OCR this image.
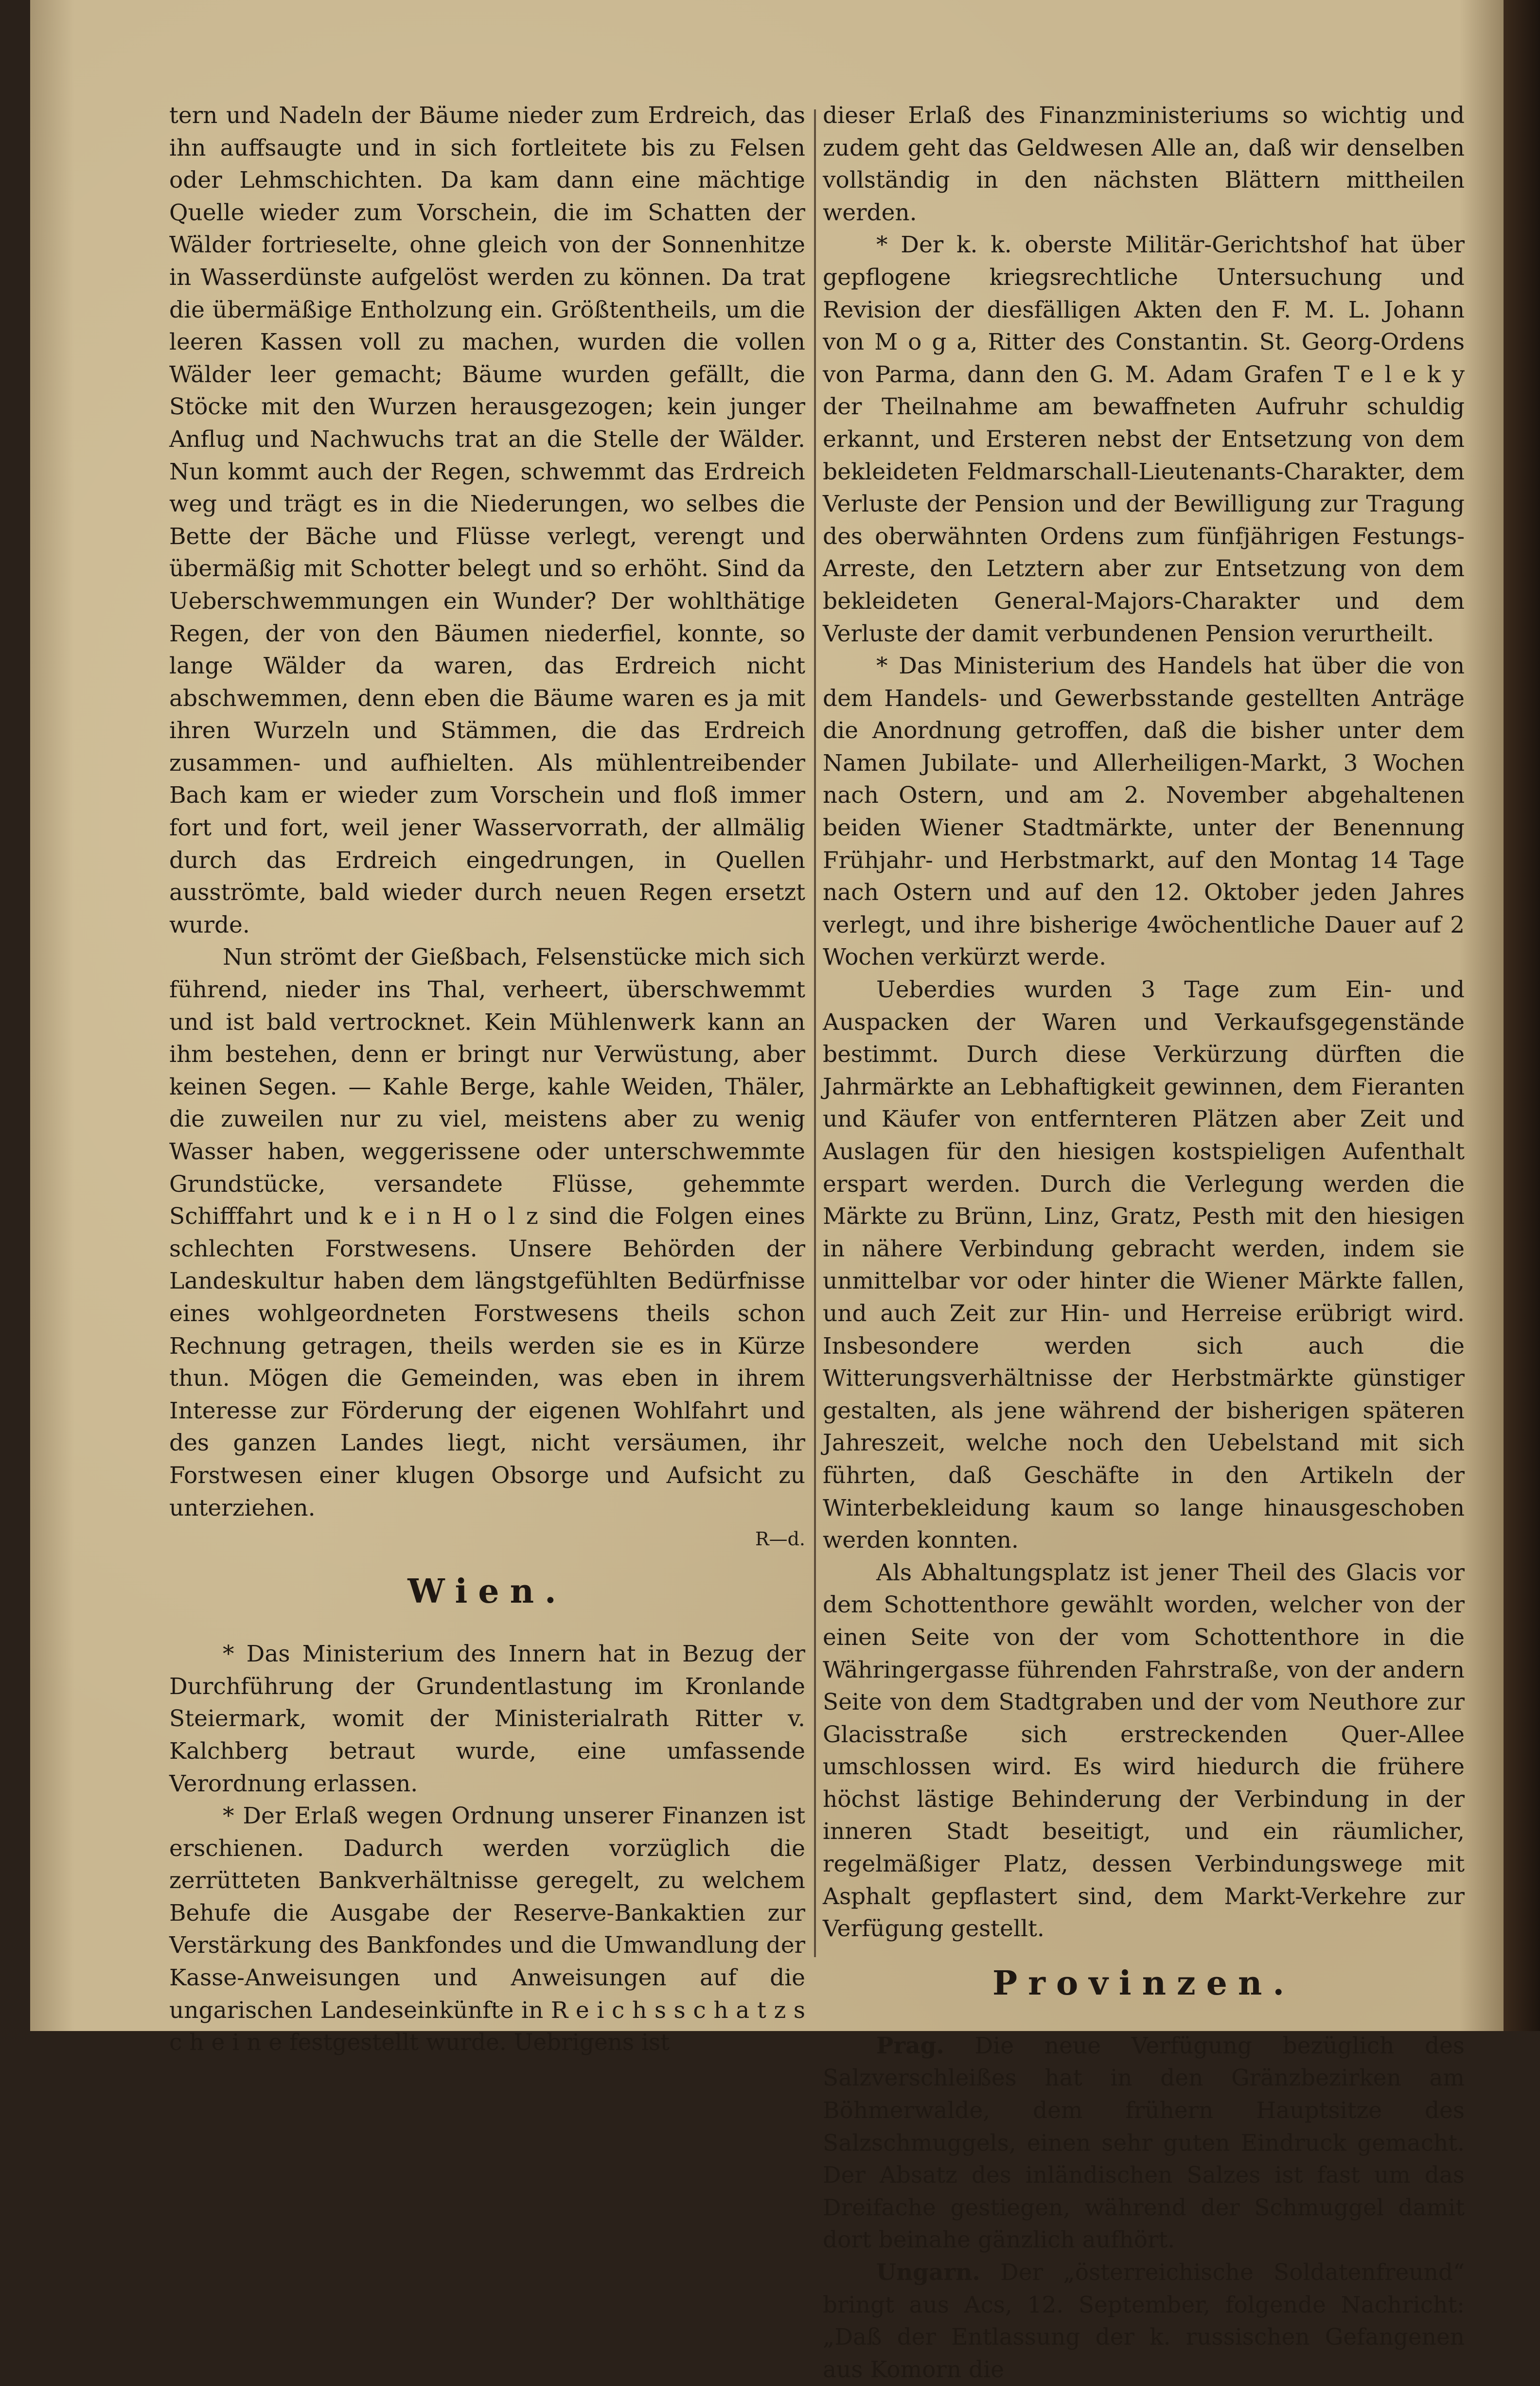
tern und Nadeln der Bäume nieder zum Erdreich, das ihn auffsaugte und in sich fortleitete bis zu Felsen oder Lehmschichten. Da kam dann eine mächtige Quelle wieder zum Vorschein, die im Schatten der Wälder fortrieselte, ohne gleich von der Sonnenhitze in Wasserdünste aufgelöst werden zu können. Da trat die übermäßige Entholzung ein. Größtentheils, um die leeren Kassen voll zu machen, wurden die vollen Wälder leer gemacht; Bäume wurden gefällt, die Stöcke mit den Wurzen herausgezogen; kein junger Anflug und Nachwuchs trat an die Stelle der Wälder. Nun kommt auch der Regen, schwemmt das Erdreich weg und trägt es in die Niederungen, wo selbes die Bette der Bäche und Flüsse verlegt, verengt und übermäßig mit Schotter belegt und so erhöht. Sind da Ueberschwemmungen ein Wunder? Der wohlthätige Regen, der von den Bäumen niederfiel, konnte, so lange Wälder da waren, das Erdreich nicht abschwemmen, denn eben die Bäume waren es ja mit ihren Wurzeln und Stämmen, die das Erdreich zusammen- und aufhielten. Als mühlentreibender Bach kam er wieder zum Vorschein und floß immer fort und fort, weil jener Wasservorrath, der allmälig durch das Erdreich eingedrungen, in Quellen ausströmte, bald wieder durch neuen Regen ersetzt wurde.

Nun strömt der Gießbach, Felsenstücke mich sich führend, nieder ins Thal, verheert, überschwemmt und ist bald vertrocknet. Kein Mühlenwerk kann an ihm bestehen, denn er bringt nur Verwüstung, aber keinen Segen. — Kahle Berge, kahle Weiden, Thäler, die zuweilen nur zu viel, meistens aber zu wenig Wasser haben, weggerissene oder unterschwemmte Grundstücke, versandete Flüsse, gehemmte Schifffahrt und k e i n H o l z sind die Folgen eines schlechten Forstwesens. Unsere Behörden der Landeskultur haben dem längstgefühlten Bedürfnisse eines wohlgeordneten Forstwesens theils schon Rechnung getragen, theils werden sie es in Kürze thun. Mögen die Gemeinden, was eben in ihrem Interesse zur Förderung der eigenen Wohlfahrt und des ganzen Landes liegt, nicht versäumen, ihr Forstwesen einer klugen Obsorge und Aufsicht zu unterziehen.

R—d.

Wien.

* Das Ministerium des Innern hat in Bezug der Durchführung der Grundentlastung im Kronlande Steiermark, womit der Ministerialrath Ritter v. Kalchberg betraut wurde, eine umfassende Verordnung erlassen.

* Der Erlaß wegen Ordnung unserer Finanzen ist erschienen. Dadurch werden vorzüglich die zerrütteten Bankverhältnisse geregelt, zu welchem Behufe die Ausgabe der Reserve-Bankaktien zur Verstärkung des Bankfondes und die Umwandlung der Kasse-Anweisungen und Anweisungen auf die ungarischen Landeseinkünfte in R e i c h s s c h a t z s c h e i n e festgestellt wurde. Uebrigens ist

dieser Erlaß des Finanzministeriums so wichtig und zudem geht das Geldwesen Alle an, daß wir denselben vollständig in den nächsten Blättern mittheilen werden.

* Der k. k. oberste Militär-Gerichtshof hat über gepflogene kriegsrechtliche Untersuchung und Revision der diesfälligen Akten den F. M. L. Johann von M o g a, Ritter des Constantin. St. Georg-Ordens von Parma, dann den G. M. Adam Grafen T e l e k y der Theilnahme am bewaffneten Aufruhr schuldig erkannt, und Ersteren nebst der Entsetzung von dem bekleideten Feldmarschall-Lieutenants-Charakter, dem Verluste der Pension und der Bewilligung zur Tragung des oberwähnten Ordens zum fünfjährigen Festungs-Arreste, den Letztern aber zur Entsetzung von dem bekleideten General-Majors-Charakter und dem Verluste der damit verbundenen Pension verurtheilt.

* Das Ministerium des Handels hat über die von dem Handels- und Gewerbsstande gestellten Anträge die Anordnung getroffen, daß die bisher unter dem Namen Jubilate- und Allerheiligen-Markt, 3 Wochen nach Ostern, und am 2. November abgehaltenen beiden Wiener Stadtmärkte, unter der Benennung Frühjahr- und Herbstmarkt, auf den Montag 14 Tage nach Ostern und auf den 12. Oktober jeden Jahres verlegt, und ihre bisherige 4wöchentliche Dauer auf 2 Wochen verkürzt werde.

Ueberdies wurden 3 Tage zum Ein- und Auspacken der Waren und Verkaufsgegenstände bestimmt. Durch diese Verkürzung dürften die Jahrmärkte an Lebhaftigkeit gewinnen, dem Fieranten und Käufer von entfernteren Plätzen aber Zeit und Auslagen für den hiesigen kostspieligen Aufenthalt erspart werden. Durch die Verlegung werden die Märkte zu Brünn, Linz, Gratz, Pesth mit den hiesigen in nähere Verbindung gebracht werden, indem sie unmittelbar vor oder hinter die Wiener Märkte fallen, und auch Zeit zur Hin- und Herreise erübrigt wird. Insbesondere werden sich auch die Witterungsverhältnisse der Herbstmärkte günstiger gestalten, als jene während der bisherigen späteren Jahreszeit, welche noch den Uebelstand mit sich führten, daß Geschäfte in den Artikeln der Winterbekleidung kaum so lange hinausgeschoben werden konnten.

Als Abhaltungsplatz ist jener Theil des Glacis vor dem Schottenthore gewählt worden, welcher von der einen Seite von der vom Schottenthore in die Währingergasse führenden Fahrstraße, von der andern Seite von dem Stadtgraben und der vom Neuthore zur Glacisstraße sich erstreckenden Quer-Allee umschlossen wird. Es wird hiedurch die frühere höchst lästige Behinderung der Verbindung in der inneren Stadt beseitigt, und ein räumlicher, regelmäßiger Platz, dessen Verbindungswege mit Asphalt gepflastert sind, dem Markt-Verkehre zur Verfügung gestellt.

Provinzen.

Prag. Die neue Verfügung bezüglich des Salzverschleißes hat in den Gränzbezirken am Böhmerwalde, dem frühern Hauptsitze des Salzschmuggels, einen sehr guten Eindruck gemacht. Der Absatz des inländischen Salzes ist fast um das Dreifache gestiegen, während der Schmuggel damit dort beinahe gänzlich aufhört.

Ungarn. Der „österreichische Soldatenfreund“ bringt aus Acs, 12. September, folgende Nachricht: „Daß der Entlassung der k. russischen Gefangenen aus Komorn die
